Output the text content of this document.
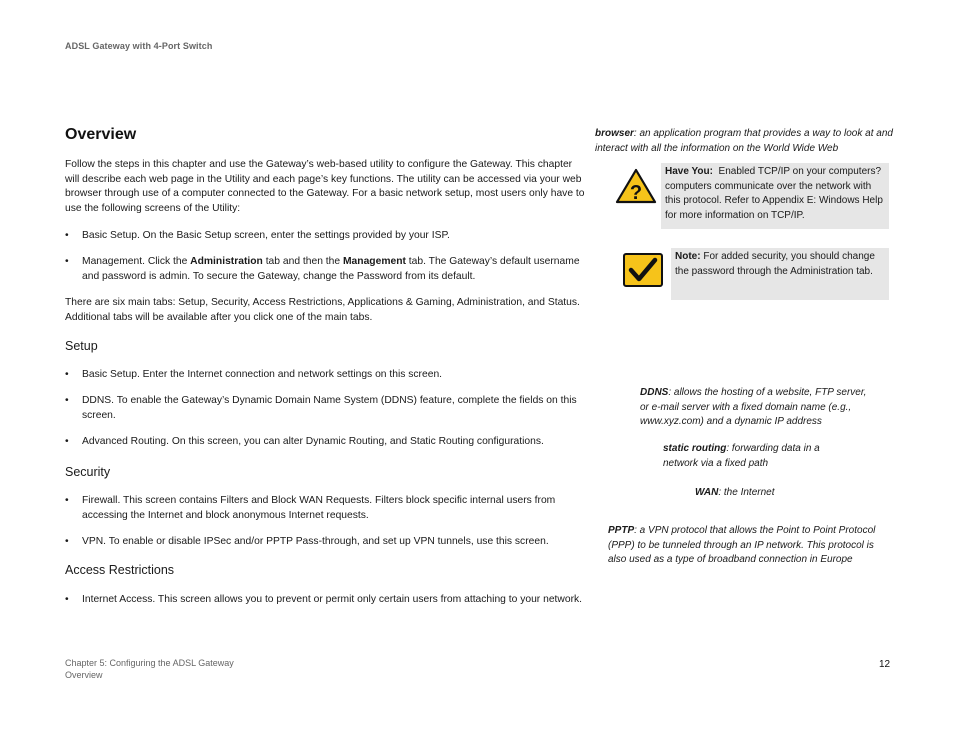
ADSL Gateway with 4-Port Switch
Overview
Follow the steps in this chapter and use the Gateway’s web-based utility to configure the Gateway. This chapter will describe each web page in the Utility and each page’s key functions. The utility can be accessed via your web browser through use of a computer connected to the Gateway. For a basic network setup, most users only have to use the following screens of the Utility:
• Basic Setup. On the Basic Setup screen, enter the settings provided by your ISP.
• Management. Click the Administration tab and then the Management tab. The Gateway’s default username and password is admin. To secure the Gateway, change the Password from its default.
There are six main tabs: Setup, Security, Access Restrictions, Applications & Gaming, Administration, and Status. Additional tabs will be available after you click one of the main tabs.
Setup
• Basic Setup. Enter the Internet connection and network settings on this screen.
• DDNS. To enable the Gateway’s Dynamic Domain Name System (DDNS) feature, complete the fields on this screen.
• Advanced Routing. On this screen, you can alter Dynamic Routing, and Static Routing configurations.
Security
• Firewall. This screen contains Filters and Block WAN Requests. Filters block specific internal users from accessing the Internet and block anonymous Internet requests.
• VPN. To enable or disable IPSec and/or PPTP Pass-through, and set up VPN tunnels, use this screen.
Access Restrictions
• Internet Access. This screen allows you to prevent or permit only certain users from attaching to your network.
browser: an application program that provides a way to look at and interact with all the information on the World Wide Web
?
Have You:  Enabled TCP/IP on your computers? computers communicate over the network with this protocol. Refer to Appendix E: Windows Help for more information on TCP/IP.
Note: For added security, you should change the password through the Administration tab.
DDNS: allows the hosting of a website, FTP server, or e-mail server with a fixed domain name (e.g., www.xyz.com) and a dynamic IP address
static routing: forwarding data in a network via a fixed path
WAN: the Internet
PPTP: a VPN protocol that allows the Point to Point Protocol (PPP) to be tunneled through an IP network. This protocol is also used as a type of broadband connection in Europe
Chapter 5: Configuring the ADSL Gateway
Overview
12
